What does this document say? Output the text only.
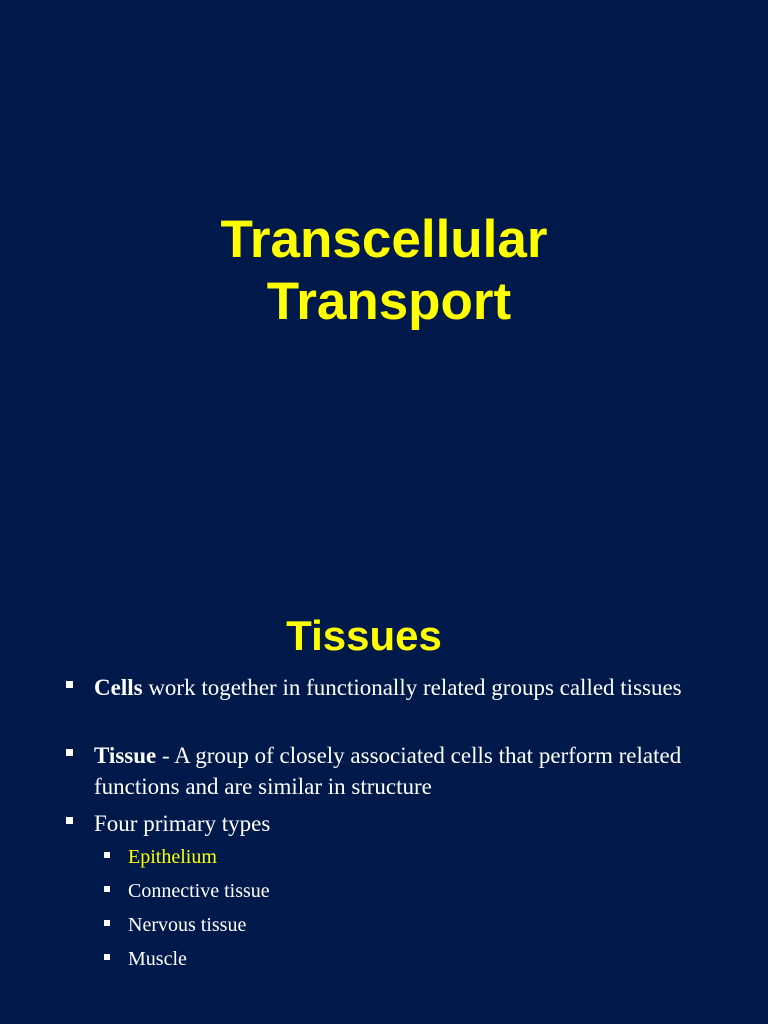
Transcellular
Transport
Tissues
Cells work together in functionally related groups called tissues
Tissue - A group of closely associated cells that perform related functions and are similar in structure
Four primary types
Epithelium
Connective tissue
Nervous tissue
Muscle
